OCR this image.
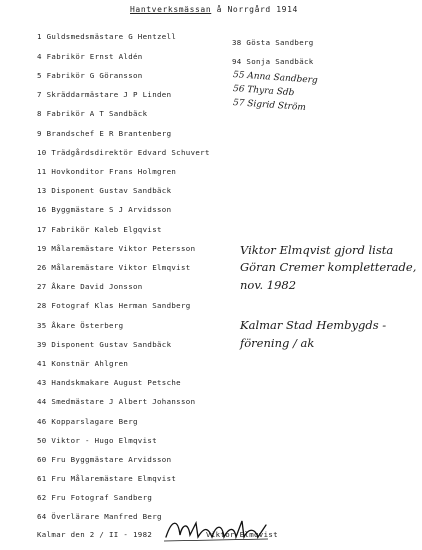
Hantverksmässan å Norrgård 1914
1 Guldsmedsmästare G Hentzell
4 Fabrikör Ernst Aldén
5 Fabrikör G Göransson
7 Skräddarmästare J P Linden
8 Fabrikör A T Sandbäck
9 Brandschef E R Brantenberg
10 Trädgårdsdirektör Edvard Schuvert
11 Hovkonditor Frans Holmgren
13 Disponent Gustav Sandbäck
16 Byggmästare S J Arvidsson
17 Fabrikör Kaleb Elgqvist
19 Målaremästare Viktor Petersson
26 Målaremästare Viktor Elmqvist
27 Åkare David Jonsson
28 Fotograf Klas Herman Sandberg
35 Åkare Österberg
39 Disponent Gustav Sandbäck
41 Konstnär Ahlgren
43 Handskmakare August Petsche
44 Smedmästare J Albert Johansson
46 Kopparslagare Berg
50 Viktor - Hugo Elmqvist
60 Fru Byggmästare Arvidsson
61 Fru Målaremästare Elmqvist
62 Fru Fotograf Sandberg
64 Överlärare Manfred Berg
38 Gösta Sandberg
94 Sonja Sandbäck
55 Anna Sandberg
56 Thyra Sdb
57 Sigrid Ström
Viktor Elmqvist gjord lista
Göran Cremer kompletterade,
nov. 1982
Kalmar Stad Hembygds -
förening / ak
Kalmar den 2 / II - 1982	Viktor Elmqvist
